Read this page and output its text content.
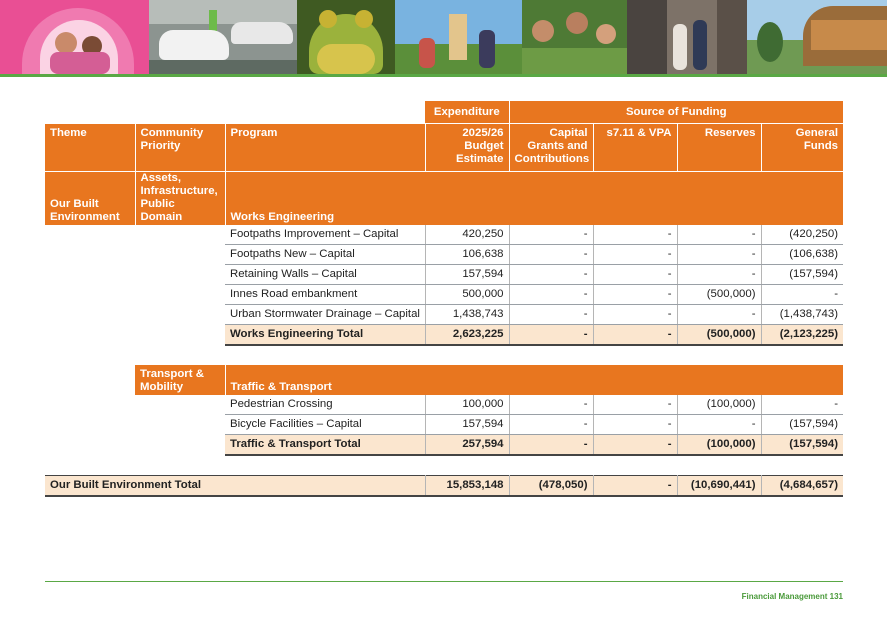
			Expenditure	Source of Funding			
Theme	Community Priority	Program	2025/26 Budget Estimate	Capital Grants and Contributions	s7.11 & VPA	Reserves	General Funds
Our Built Environment	Assets, Infrastructure, Public Domain	Works Engineering					
		Footpaths Improvement – Capital	420,250	-	-	-	(420,250)
		Footpaths New – Capital	106,638	-	-	-	(106,638)
		Retaining Walls – Capital	157,594	-	-	-	(157,594)
		Innes Road embankment	500,000	-	-	(500,000)	-
		Urban Stormwater Drainage – Capital	1,438,743	-	-	-	(1,438,743)
		Works Engineering Total	2,623,225	-	-	(500,000)	(2,123,225)

	Transport & Mobility	Traffic & Transport					
		Pedestrian Crossing	100,000	-	-	(100,000)	-
		Bicycle Facilities – Capital	157,594	-	-	-	(157,594)
		Traffic & Transport Total	257,594	-	-	(100,000)	(157,594)

Our Built Environment Total			15,853,148	(478,050)	-	(10,690,441)	(4,684,657)
Financial Management 131
